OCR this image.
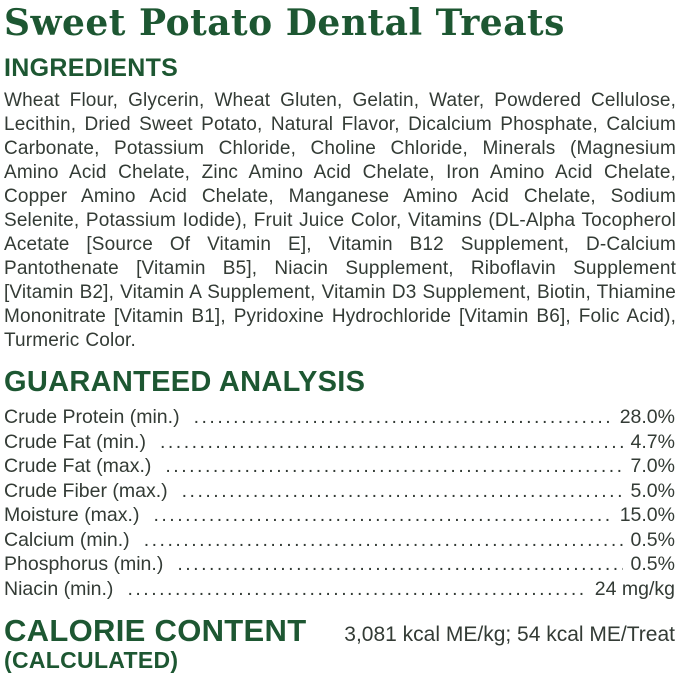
Sweet Potato Dental Treats
INGREDIENTS

Wheat Flour, Glycerin, Wheat Gluten, Gelatin, Water, Powdered Cellulose, Lecithin, Dried Sweet Potato, Natural Flavor, Dicalcium Phosphate, Calcium Carbonate, Potassium Chloride, Choline Chloride, Minerals (Magnesium Amino Acid Chelate, Zinc Amino Acid Chelate, Iron Amino Acid Chelate, Copper Amino Acid Chelate, Manganese Amino Acid Chelate, Sodium Selenite, Potassium Iodide), Fruit Juice Color, Vitamins (DL-Alpha Tocopherol Acetate [Source Of Vitamin E], Vitamin B12 Supplement, D-Calcium Pantothenate [Vitamin B5], Niacin Supplement, Riboflavin Supplement [Vitamin B2], Vitamin A Supplement, Vitamin D3 Supplement, Biotin, Thiamine Mononitrate [Vitamin B1], Pyridoxine Hydrochloride [Vitamin B6], Folic Acid), Turmeric Color.

GUARANTEED ANALYSIS
Crude Protein (min.) .....	28.0%
Crude Fat (min.) .....	4.7%
Crude Fat (max.) .....	7.0%
Crude Fiber (max.) .....	5.0%
Moisture (max.) .....	15.0%
Calcium (min.) .....	0.5%
Phosphorus (min.) .....	0.5%
Niacin (min.) .....	24 mg/kg
CALORIE CONTENT
(CALCULATED)
3,081 kcal ME/kg; 54 kcal ME/Treat
